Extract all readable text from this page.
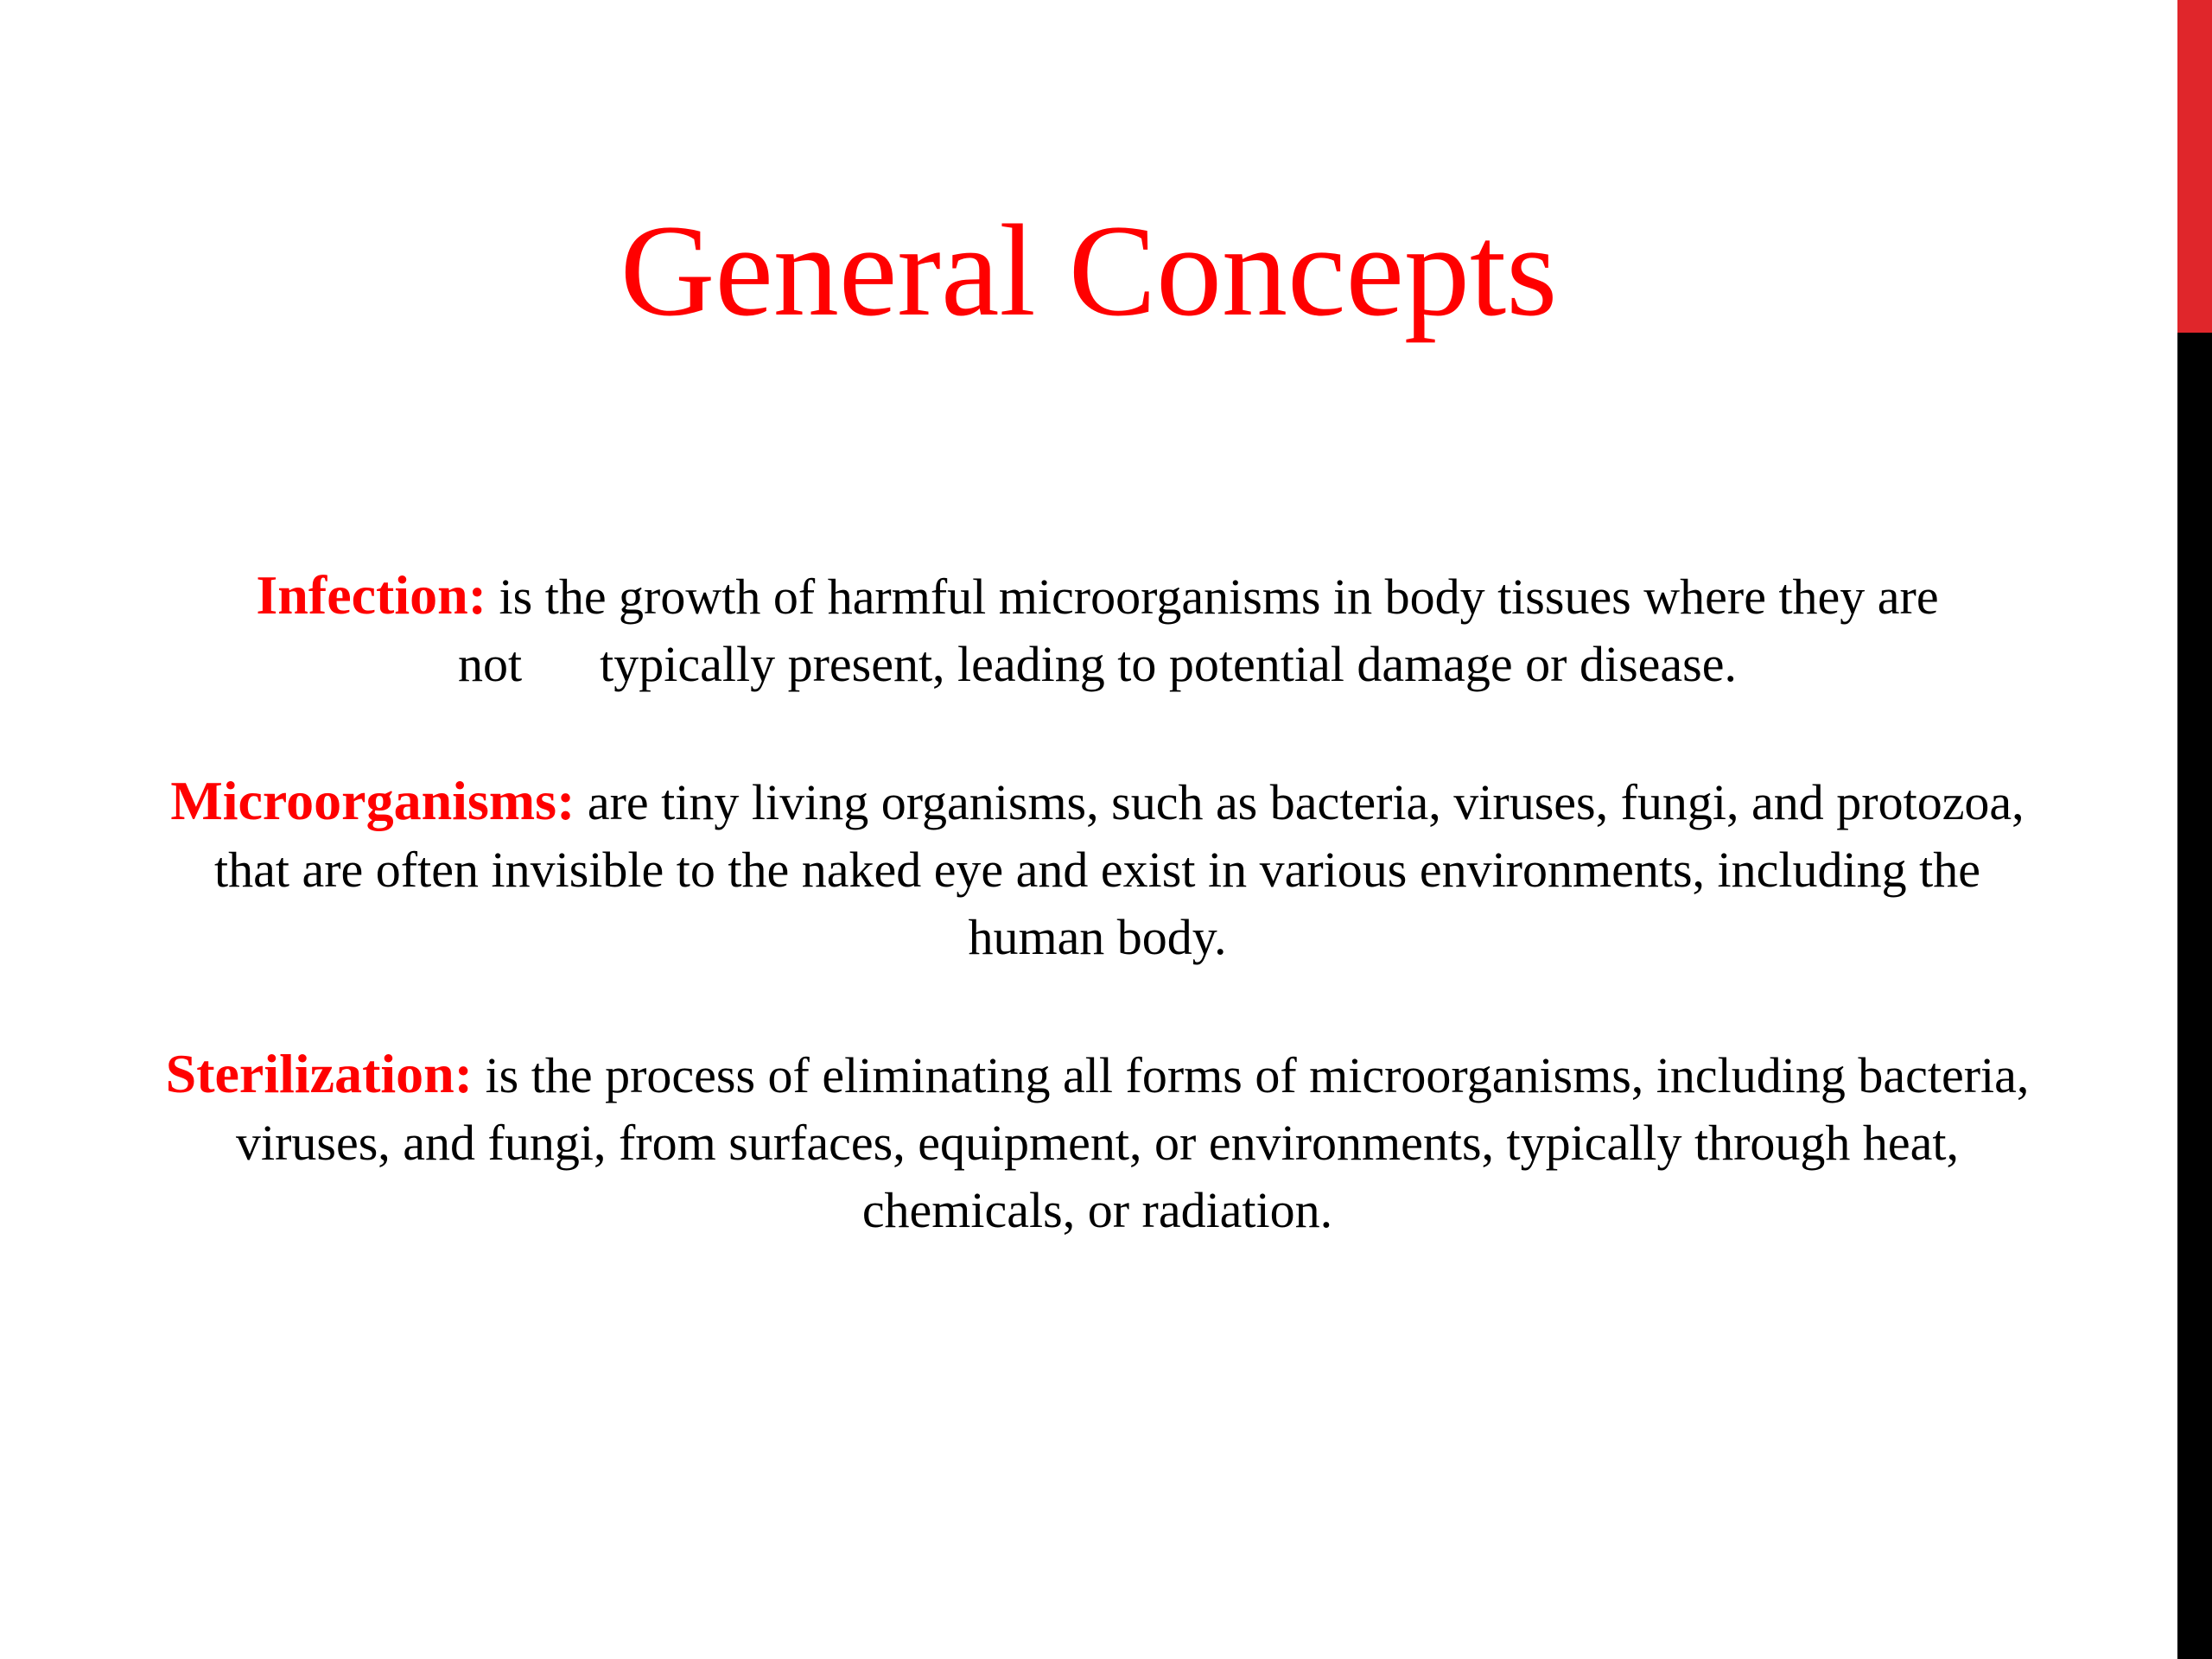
General Concepts

Infection: is the growth of harmful microorganisms in body tissues where they are
not typically present, leading to potential damage or disease.

Microorganisms: are tiny living organisms, such as bacteria, viruses, fungi, and protozoa, that are often invisible to the naked eye and exist in various environments, including the human body.

Sterilization: is the process of eliminating all forms of microorganisms, including bacteria, viruses, and fungi, from surfaces, equipment, or environments, typically through heat, chemicals, or radiation.
